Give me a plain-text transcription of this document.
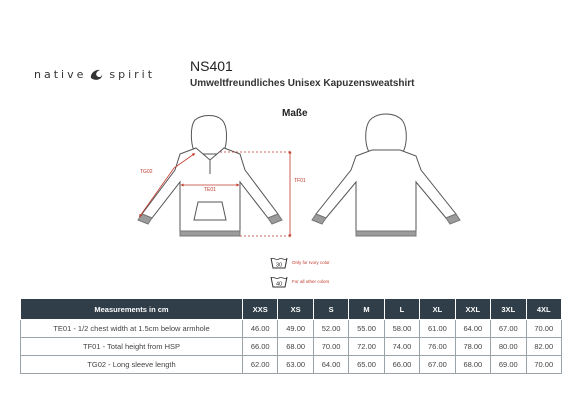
native spirit NS401
Umweltfreundliches Unisex Kapuzensweatshirt
Maße
TG02
TE01
TF01
30 Only for Ivory color
40 For all other colors
Measurements in cm	XXS	XS	S	M	L	XL	XXL	3XL	4XL
TE01 - 1/2 chest width at 1.5cm below armhole	46.00	49.00	52.00	55.00	58.00	61.00	64.00	67.00	70.00
TF01 - Total height from HSP	66.00	68.00	70.00	72.00	74.00	76.00	78.00	80.00	82.00
TG02 - Long sleeve length	62.00	63.00	64.00	65.00	66.00	67.00	68.00	69.00	70.00
